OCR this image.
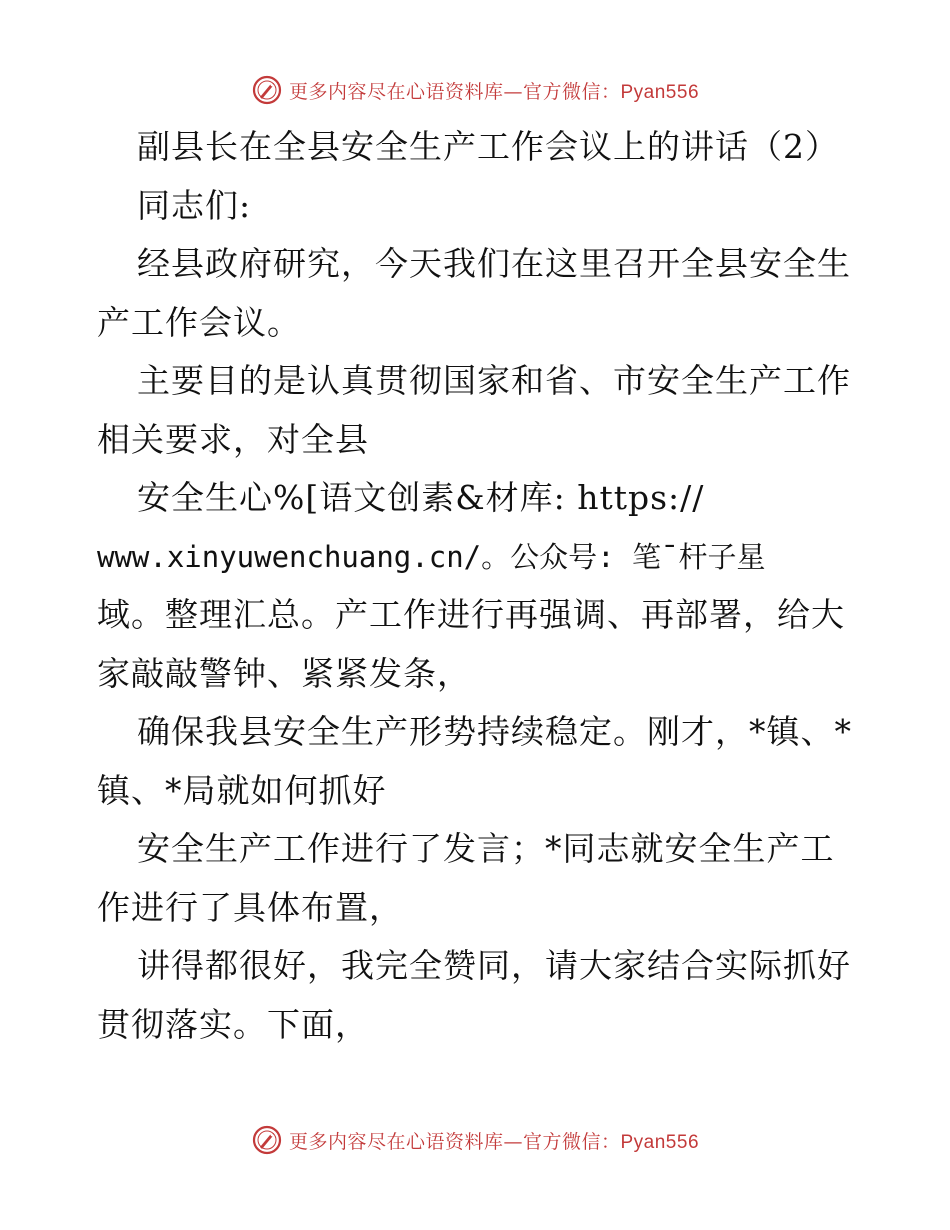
更多内容尽在心语资料库—官方微信：Pyan556
副县长在全县安全生产工作会议上的讲话（2）
同志们:
经县政府研究，今天我们在这里召开全县安全生
产工作会议。
主要目的是认真贯彻国家和省、市安全生产工作
相关要求，对全县
安全生心%[语文创素&材库: https://
www.xinyuwenchuang.cn/。公众号: 笔¯杆子星
域。整理汇总。产工作进行再强调、再部署，给大
家敲敲警钟、紧紧发条，
确保我县安全生产形势持续稳定。刚才，*镇、*
镇、*局就如何抓好
安全生产工作进行了发言；*同志就安全生产工
作进行了具体布置，
讲得都很好，我完全赞同，请大家结合实际抓好
贯彻落实。下面，
更多内容尽在心语资料库—官方微信：Pyan556
